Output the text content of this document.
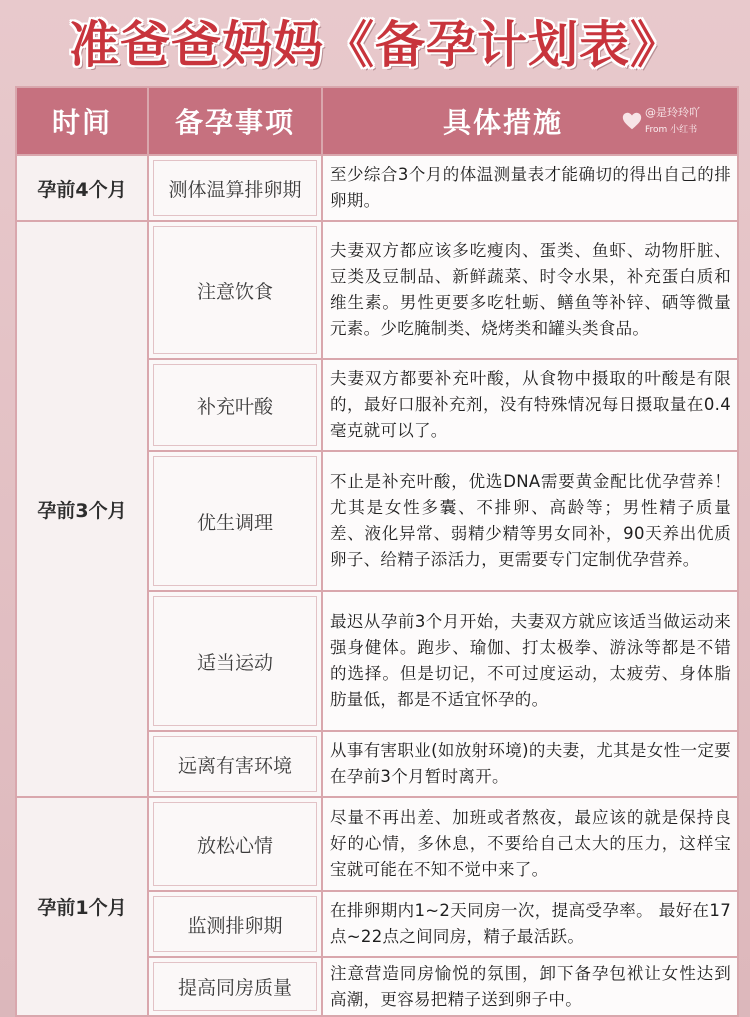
准爸爸妈妈《备孕计划表》
时间	备孕事项	具体措施 @是玲玲吖
From 小红书

孕前4个月	测体温算排卵期	至少综合3个月的体温测量表才能确切的得出自己的排卵期。
孕前3个月	注意饮食	夫妻双方都应该多吃瘦肉、蛋类、鱼虾、动物肝脏、豆类及豆制品、新鲜蔬菜、时令水果，补充蛋白质和维生素。男性更要多吃牡蛎、鳝鱼等补锌、硒等微量元素。少吃腌制类、烧烤类和罐头类食品。

	补充叶酸	夫妻双方都要补充叶酸，从食物中摄取的叶酸是有限的，最好口服补充剂，没有特殊情况每日摄取量在0.4毫克就可以了。

	优生调理	不止是补充叶酸，优选DNA需要黄金配比优孕营养！尤其是女性多囊、不排卵、高龄等；男性精子质量差、液化异常、弱精少精等男女同补，90天养出优质卵子、给精子添活力，更需要专门定制优孕营养。

	适当运动	最迟从孕前3个月开始，夫妻双方就应该适当做运动来强身健体。跑步、瑜伽、打太极拳、游泳等都是不错的选择。但是切记，不可过度运动，太疲劳、身体脂肪量低，都是不适宜怀孕的。

	远离有害环境	从事有害职业(如放射环境)的夫妻，尤其是女性一定要在孕前3个月暂时离开。
孕前1个月	放松心情	尽量不再出差、加班或者熬夜，最应该的就是保持良好的心情，多休息，不要给自己太大的压力，这样宝宝就可能在不知不觉中来了。

	监测排卵期	在排卵期内1~2天同房一次，提高受孕率。 最好在17点~22点之间同房，精子最活跃。

	提高同房质量	注意营造同房愉悦的氛围，卸下备孕包袱让女性达到高潮，更容易把精子送到卵子中。
